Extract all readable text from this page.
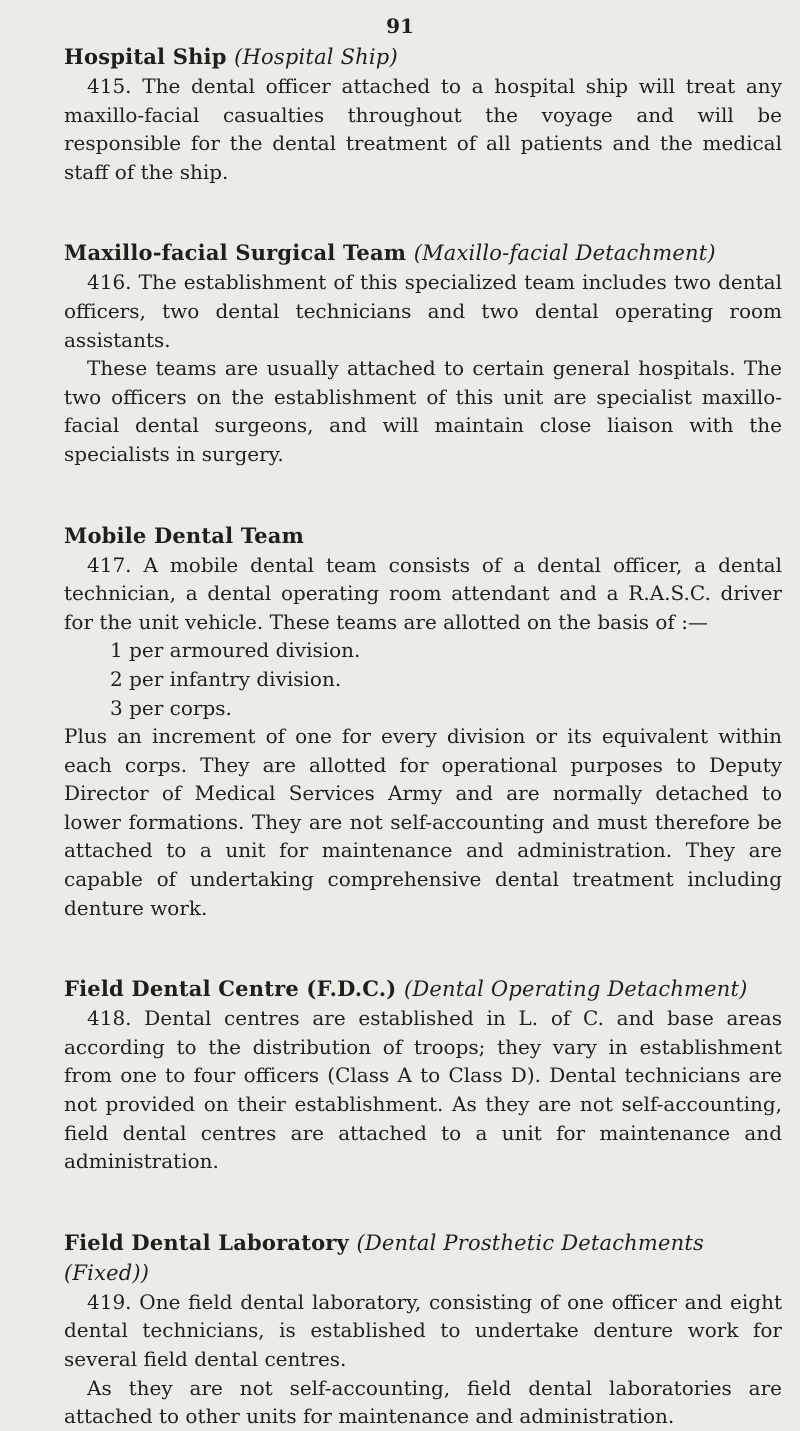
91

Hospital Ship (Hospital Ship)

415. The dental officer attached to a hospital ship will treat any maxillo-facial casualties throughout the voyage and will be responsible for the dental treatment of all patients and the medical staff of the ship.

Maxillo-facial Surgical Team (Maxillo-facial Detachment)

416. The establishment of this specialized team includes two dental officers, two dental technicians and two dental operating room assistants.

These teams are usually attached to certain general hospitals. The two officers on the establishment of this unit are specialist maxillo-facial dental surgeons, and will maintain close liaison with the specialists in surgery.

Mobile Dental Team

417. A mobile dental team consists of a dental officer, a dental technician, a dental operating room attendant and a R.A.S.C. driver for the unit vehicle. These teams are allotted on the basis of :—

1 per armoured division.
2 per infantry division.
3 per corps.

Plus an increment of one for every division or its equivalent within each corps. They are allotted for operational purposes to Deputy Director of Medical Services Army and are normally detached to lower formations. They are not self-accounting and must therefore be attached to a unit for maintenance and administration. They are capable of undertaking comprehensive dental treatment including denture work.

Field Dental Centre (F.D.C.) (Dental Operating Detachment)

418. Dental centres are established in L. of C. and base areas according to the distribution of troops; they vary in establishment from one to four officers (Class A to Class D). Dental technicians are not provided on their establishment. As they are not self-accounting, field dental centres are attached to a unit for maintenance and administration.

Field Dental Laboratory (Dental Prosthetic Detachments (Fixed))

419. One field dental laboratory, consisting of one officer and eight dental technicians, is established to undertake denture work for several field dental centres.

As they are not self-accounting, field dental laboratories are attached to other units for maintenance and administration.
